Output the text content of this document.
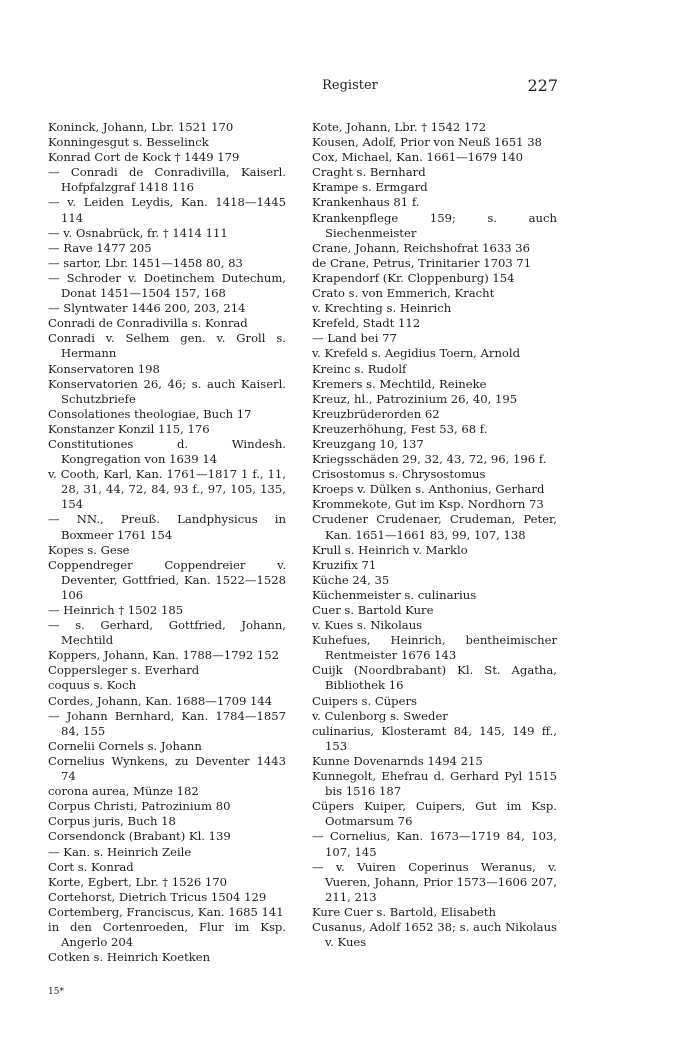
Register	227
Koninck, Johann, Lbr. 1521 170
Konningesgut s. Besselinck
Konrad Cort de Kock † 1449 179
— Conradi de Conradivilla, Kaiserl. Hofpfalzgraf 1418 116
— v. Leiden Leydis, Kan. 1418—1445 114
— v. Osnabrück, fr. † 1414 111
— Rave 1477 205
— sartor, Lbr. 1451—1458 80, 83
— Schroder v. Doetinchem Dutechum, Donat 1451—1504 157, 168
— Slyntwater 1446 200, 203, 214
Conradi de Conradivilla s. Konrad
Conradi v. Selhem gen. v. Groll s. Hermann
Konservatoren 198
Konservatorien 26, 46; s. auch Kaiserl. Schutzbriefe
Consolationes theologiae, Buch 17
Konstanzer Konzil 115, 176
Constitutiones d. Windesh. Kongregation von 1639 14
v. Cooth, Karl, Kan. 1761—1817 1 f., 11, 28, 31, 44, 72, 84, 93 f., 97, 105, 135, 154
— NN., Preuß. Landphysicus in Boxmeer 1761 154
Kopes s. Gese
Coppendreger Coppendreier v. Deventer, Gottfried, Kan. 1522—1528 106
— Heinrich † 1502 185
— s. Gerhard, Gottfried, Johann, Mechtild
Koppers, Johann, Kan. 1788—1792 152
Coppersleger s. Everhard
coquus s. Koch
Cordes, Johann, Kan. 1688—1709 144
— Johann Bernhard, Kan. 1784—1857 84, 155
Cornelii Cornels s. Johann
Cornelius Wynkens, zu Deventer 1443 74
corona aurea, Münze 182
Corpus Christi, Patrozinium 80
Corpus juris, Buch 18
Corsendonck (Brabant) Kl. 139
— Kan. s. Heinrich Zeile
Cort s. Konrad
Korte, Egbert, Lbr. † 1526 170
Cortehorst, Dietrich Tricus 1504 129
Cortemberg, Franciscus, Kan. 1685 141
in den Cortenroeden, Flur im Ksp. Angerlo 204
Cotken s. Heinrich Koetken
Kote, Johann, Lbr. † 1542 172
Kousen, Adolf, Prior von Neuß 1651 38
Cox, Michael, Kan. 1661—1679 140
Craght s. Bernhard
Krampe s. Ermgard
Krankenhaus 81 f.
Krankenpflege 159; s. auch Siechenmeister
Crane, Johann, Reichshofrat 1633 36
de Crane, Petrus, Trinitarier 1703 71
Krapendorf (Kr. Cloppenburg) 154
Crato s. von Emmerich, Kracht
v. Krechting s. Heinrich
Krefeld, Stadt 112
— Land bei 77
v. Krefeld s. Aegidius Toern, Arnold
Kreinc s. Rudolf
Kremers s. Mechtild, Reineke
Kreuz, hl., Patrozinium 26, 40, 195
Kreuzbrüderorden 62
Kreuzerhöhung, Fest 53, 68 f.
Kreuzgang 10, 137
Kriegsschäden 29, 32, 43, 72, 96, 196 f.
Crisostomus s. Chrysostomus
Kroeps v. Dülken s. Anthonius, Gerhard
Krommekote, Gut im Ksp. Nordhorn 73
Crudener Crudenaer, Crudeman, Peter, Kan. 1651—1661 83, 99, 107, 138
Krull s. Heinrich v. Marklo
Kruzifix 71
Küche 24, 35
Küchenmeister s. culinarius
Cuer s. Bartold Kure
v. Kues s. Nikolaus
Kuhefues, Heinrich, bentheimischer Rentmeister 1676 143
Cuijk (Noordbrabant) Kl. St. Agatha, Bibliothek 16
Cuipers s. Cüpers
v. Culenborg s. Sweder
culinarius, Klosteramt 84, 145, 149 ff., 153
Kunne Dovenarnds 1494 215
Kunnegolt, Ehefrau d. Gerhard Pyl 1515 bis 1516 187
Cüpers Kuiper, Cuipers, Gut im Ksp. Ootmarsum 76
— Cornelius, Kan. 1673—1719 84, 103, 107, 145
— v. Vuiren Coperinus Weranus, v. Vueren, Johann, Prior 1573—1606 207, 211, 213
Kure Cuer s. Bartold, Elisabeth
Cusanus, Adolf 1652 38; s. auch Nikolaus v. Kues
15*
